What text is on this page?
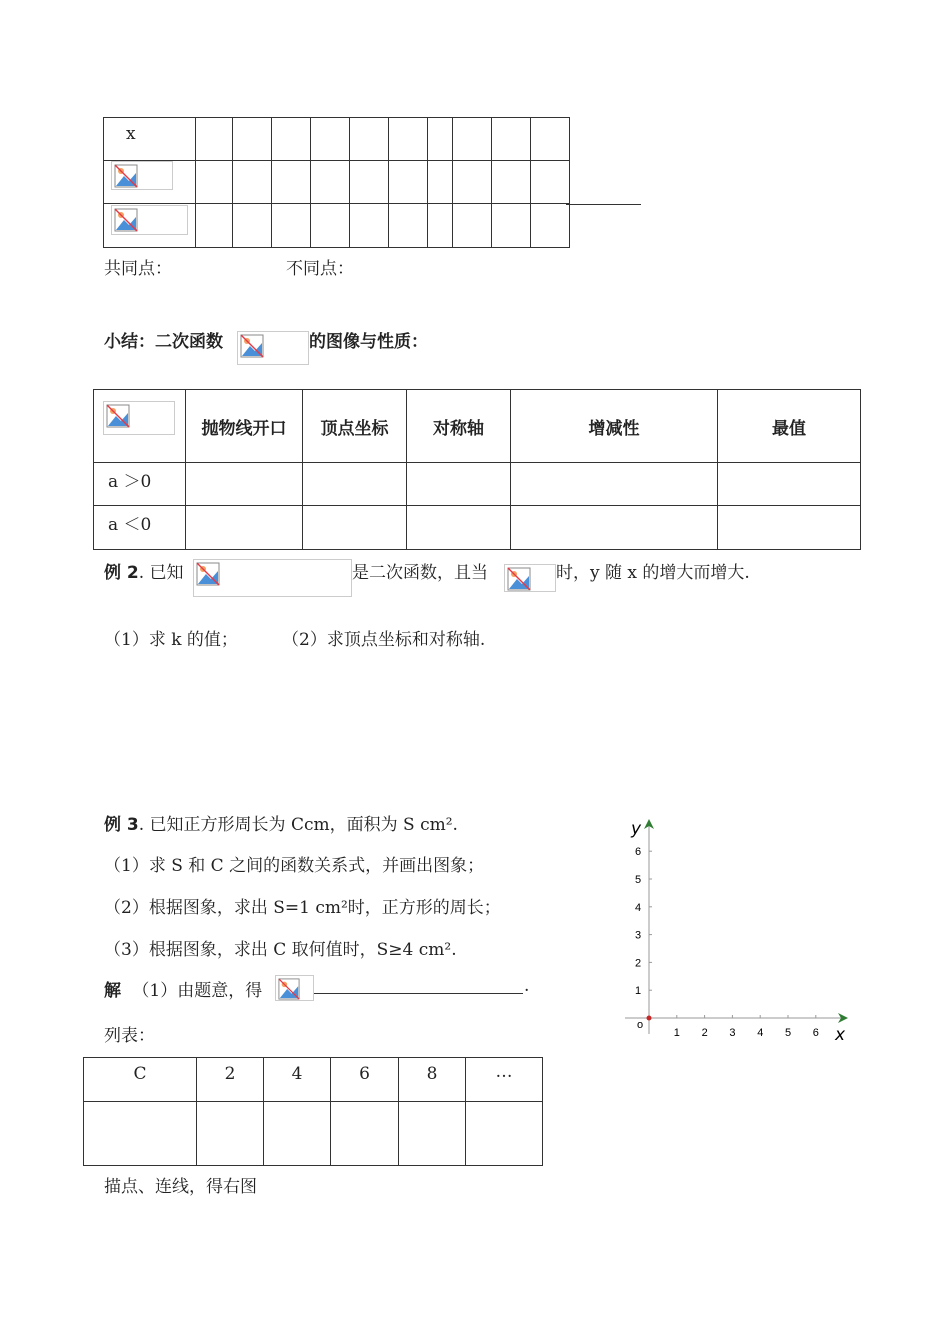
x										

共同点：	不同点：
小结：二次函数	的图像与性质：
	抛物线开口	顶点坐标	对称轴	增减性	最值
a ＞0					
a ＜0					
例 2. 已知	是二次函数，且当	时，y 随 x 的增大而增大.
（1）求 k 的值；	（2）求顶点坐标和对称轴.
例 3. 已知正方形周长为 Ccm，面积为 S cm².
（1）求 S 和 C 之间的函数关系式，并画出图象；
（2）根据图象，求出 S=1 cm²时，正方形的周长；
（3）根据图象，求出 C 取何值时，S≥4 cm².
解 （1）由题意，得	.
列表：
C	2	4	6	8	…

描点、连线，得右图
1 2 3 4 5 6
1
2
3
4
5
6
o
y
x
